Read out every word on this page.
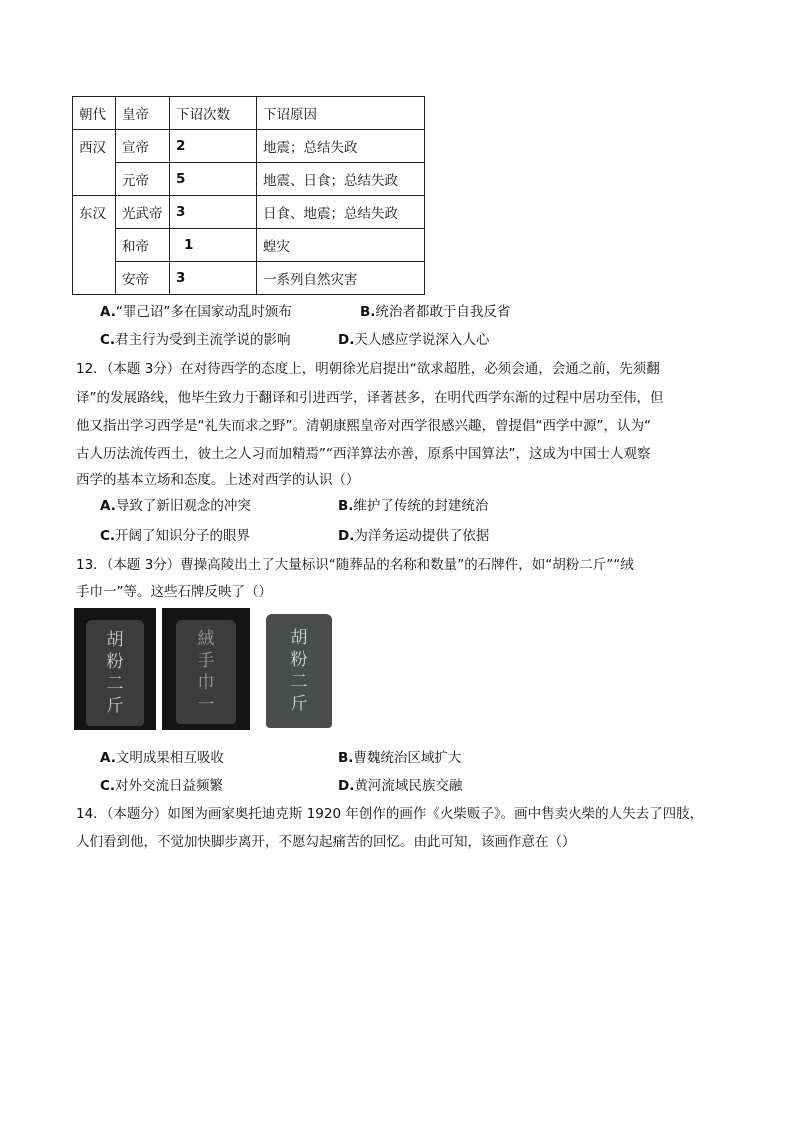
朝代	皇帝	下诏次数	下诏原因
西汉	宣帝	2	地震；总结失政
	元帝	5	地震、日食；总结失政
东汉	光武帝	3	日食、地震；总结失政
	和帝	1	蝗灾
	安帝	3	一系列自然灾害
A.“罪己诏”多在国家动乱时颁布	B.统治者都敢于自我反省
C.君主行为受到主流学说的影响	D.天人感应学说深入人心
12．（本题 3分）在对待西学的态度上，明朝徐光启提出“欲求超胜，必须会通，会通之前，先须翻
译”的发展路线，他毕生致力于翻译和引进西学，译著甚多，在明代西学东渐的过程中居功至伟，但
他又指出学习西学是“礼失而求之野”。清朝康熙皇帝对西学很感兴趣，曾提倡“西学中源”，认为“
古人历法流传西土，彼土之人习而加精焉”“西洋算法亦善，原系中国算法”，这成为中国士人观察
西学的基本立场和态度。上述对西学的认识（）
A.导致了新旧观念的冲突	B.维护了传统的封建统治
C.开阔了知识分子的眼界	D.为洋务运动提供了依据
13．（本题 3分）曹操高陵出土了大量标识“随葬品的名称和数量”的石牌件，如“胡粉二斤”“绒
手巾一”等。这些石牌反映了（）
胡
粉
二
斤
絨
手
巾
一
胡
粉
二
斤
A.文明成果相互吸收	B.曹魏统治区域扩大
C.对外交流日益频繁	D.黄河流域民族交融
14．（本题分）如图为画家奥托迪克斯 1920 年创作的画作《火柴贩子》。画中售卖火柴的人失去了四肢，
人们看到他，不觉加快脚步离开，不愿勾起痛苦的回忆。由此可知，该画作意在（）
